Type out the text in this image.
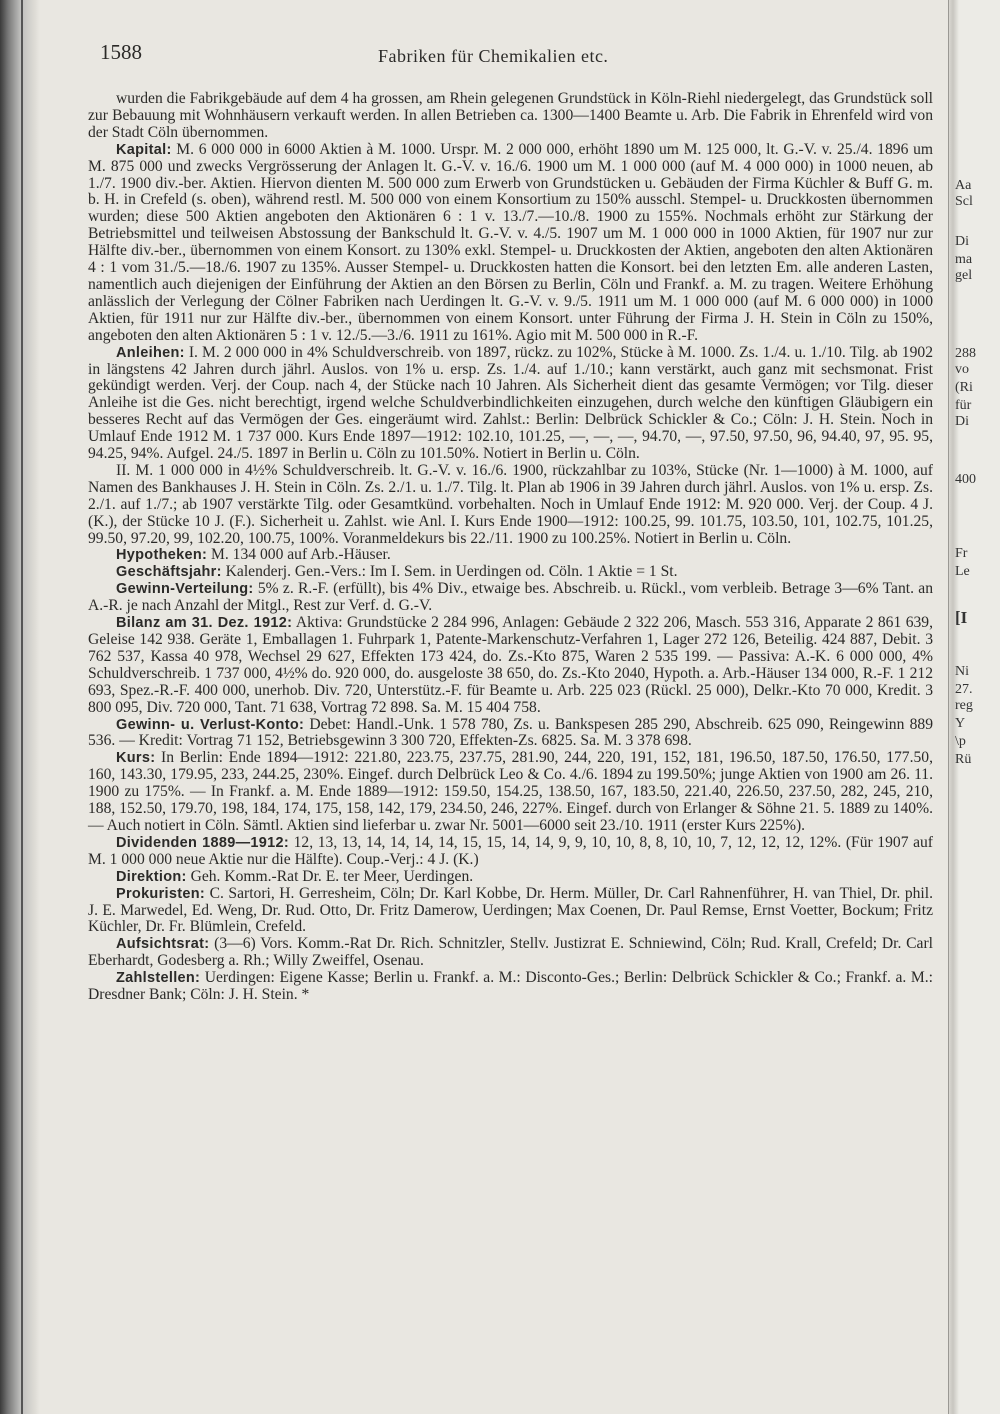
Aa
Scl
Di
ma
gel
288
vo
(Ri
für
Di
400
Fr
Le
[I
Ni
27.
reg
Y
\p
Rü
1588	Fabriken für Chemikalien etc.

wurden die Fabrikgebäude auf dem 4 ha grossen, am Rhein gelegenen Grundstück in Köln-Riehl niedergelegt, das Grundstück soll zur Bebauung mit Wohnhäusern verkauft werden. In allen Betrieben ca. 1300—1400 Beamte u. Arb. Die Fabrik in Ehrenfeld wird von der Stadt Cöln übernommen.

Kapital: M. 6 000 000 in 6000 Aktien à M. 1000. Urspr. M. 2 000 000, erhöht 1890 um M. 125 000, lt. G.-V. v. 25./4. 1896 um M. 875 000 und zwecks Vergrösserung der Anlagen lt. G.-V. v. 16./6. 1900 um M. 1 000 000 (auf M. 4 000 000) in 1000 neuen, ab 1./7. 1900 div.-ber. Aktien. Hiervon dienten M. 500 000 zum Erwerb von Grundstücken u. Gebäuden der Firma Küchler & Buff G. m. b. H. in Crefeld (s. oben), während restl. M. 500 000 von einem Konsortium zu 150% ausschl. Stempel- u. Druckkosten übernommen wurden; diese 500 Aktien angeboten den Aktionären 6 : 1 v. 13./7.—10./8. 1900 zu 155%. Nochmals erhöht zur Stärkung der Betriebsmittel und teilweisen Abstossung der Bankschuld lt. G.-V. v. 4./5. 1907 um M. 1 000 000 in 1000 Aktien, für 1907 nur zur Hälfte div.-ber., übernommen von einem Konsort. zu 130% exkl. Stempel- u. Druckkosten der Aktien, angeboten den alten Aktionären 4 : 1 vom 31./5.—18./6. 1907 zu 135%. Ausser Stempel- u. Druckkosten hatten die Konsort. bei den letzten Em. alle anderen Lasten, namentlich auch diejenigen der Einführung der Aktien an den Börsen zu Berlin, Cöln und Frankf. a. M. zu tragen. Weitere Erhöhung anlässlich der Verlegung der Cölner Fabriken nach Uerdingen lt. G.-V. v. 9./5. 1911 um M. 1 000 000 (auf M. 6 000 000) in 1000 Aktien, für 1911 nur zur Hälfte div.-ber., übernommen von einem Konsort. unter Führung der Firma J. H. Stein in Cöln zu 150%, angeboten den alten Aktionären 5 : 1 v. 12./5.—3./6. 1911 zu 161%. Agio mit M. 500 000 in R.-F.

Anleihen: I. M. 2 000 000 in 4% Schuldverschreib. von 1897, rückz. zu 102%, Stücke à M. 1000. Zs. 1./4. u. 1./10. Tilg. ab 1902 in längstens 42 Jahren durch jährl. Auslos. von 1% u. ersp. Zs. 1./4. auf 1./10.; kann verstärkt, auch ganz mit sechsmonat. Frist gekündigt werden. Verj. der Coup. nach 4, der Stücke nach 10 Jahren. Als Sicherheit dient das gesamte Vermögen; vor Tilg. dieser Anleihe ist die Ges. nicht berechtigt, irgend welche Schuldverbindlichkeiten einzugehen, durch welche den künftigen Gläubigern ein besseres Recht auf das Vermögen der Ges. eingeräumt wird. Zahlst.: Berlin: Delbrück Schickler & Co.; Cöln: J. H. Stein. Noch in Umlauf Ende 1912 M. 1 737 000. Kurs Ende 1897—1912: 102.10, 101.25, —, —, —, 94.70, —, 97.50, 97.50, 96, 94.40, 97, 95. 95, 94.25, 94%. Aufgel. 24./5. 1897 in Berlin u. Cöln zu 101.50%. Notiert in Berlin u. Cöln.

II. M. 1 000 000 in 4½% Schuldverschreib. lt. G.-V. v. 16./6. 1900, rückzahlbar zu 103%, Stücke (Nr. 1—1000) à M. 1000, auf Namen des Bankhauses J. H. Stein in Cöln. Zs. 2./1. u. 1./7. Tilg. lt. Plan ab 1906 in 39 Jahren durch jährl. Auslos. von 1% u. ersp. Zs. 2./1. auf 1./7.; ab 1907 verstärkte Tilg. oder Gesamtkünd. vorbehalten. Noch in Umlauf Ende 1912: M. 920 000. Verj. der Coup. 4 J. (K.), der Stücke 10 J. (F.). Sicherheit u. Zahlst. wie Anl. I. Kurs Ende 1900—1912: 100.25, 99. 101.75, 103.50, 101, 102.75, 101.25, 99.50, 97.20, 99, 102.20, 100.75, 100%. Voranmeldekurs bis 22./11. 1900 zu 100.25%. Notiert in Berlin u. Cöln.

Hypotheken: M. 134 000 auf Arb.-Häuser.

Geschäftsjahr: Kalenderj. Gen.-Vers.: Im I. Sem. in Uerdingen od. Cöln. 1 Aktie = 1 St.

Gewinn-Verteilung: 5% z. R.-F. (erfüllt), bis 4% Div., etwaige bes. Abschreib. u. Rückl., vom verbleib. Betrage 3—6% Tant. an A.-R. je nach Anzahl der Mitgl., Rest zur Verf. d. G.-V.

Bilanz am 31. Dez. 1912: Aktiva: Grundstücke 2 284 996, Anlagen: Gebäude 2 322 206, Masch. 553 316, Apparate 2 861 639, Geleise 142 938. Geräte 1, Emballagen 1. Fuhrpark 1, Patente-Markenschutz-Verfahren 1, Lager 272 126, Beteilig. 424 887, Debit. 3 762 537, Kassa 40 978, Wechsel 29 627, Effekten 173 424, do. Zs.-Kto 875, Waren 2 535 199. — Passiva: A.-K. 6 000 000, 4% Schuldverschreib. 1 737 000, 4½% do. 920 000, do. ausgeloste 38 650, do. Zs.-Kto 2040, Hypoth. a. Arb.-Häuser 134 000, R.-F. 1 212 693, Spez.-R.-F. 400 000, unerhob. Div. 720, Unterstütz.-F. für Beamte u. Arb. 225 023 (Rückl. 25 000), Delkr.-Kto 70 000, Kredit. 3 800 095, Div. 720 000, Tant. 71 638, Vortrag 72 898. Sa. M. 15 404 758.

Gewinn- u. Verlust-Konto: Debet: Handl.-Unk. 1 578 780, Zs. u. Bankspesen 285 290, Abschreib. 625 090, Reingewinn 889 536. — Kredit: Vortrag 71 152, Betriebsgewinn 3 300 720, Effekten-Zs. 6825. Sa. M. 3 378 698.

Kurs: In Berlin: Ende 1894—1912: 221.80, 223.75, 237.75, 281.90, 244, 220, 191, 152, 181, 196.50, 187.50, 176.50, 177.50, 160, 143.30, 179.95, 233, 244.25, 230%. Eingef. durch Delbrück Leo & Co. 4./6. 1894 zu 199.50%; junge Aktien von 1900 am 26. 11. 1900 zu 175%. — In Frankf. a. M. Ende 1889—1912: 159.50, 154.25, 138.50, 167, 183.50, 221.40, 226.50, 237.50, 282, 245, 210, 188, 152.50, 179.70, 198, 184, 174, 175, 158, 142, 179, 234.50, 246, 227%. Eingef. durch von Erlanger & Söhne 21. 5. 1889 zu 140%. — Auch notiert in Cöln. Sämtl. Aktien sind lieferbar u. zwar Nr. 5001—6000 seit 23./10. 1911 (erster Kurs 225%).

Dividenden 1889—1912: 12, 13, 13, 14, 14, 14, 14, 15, 15, 14, 14, 9, 9, 10, 10, 8, 8, 10, 10, 7, 12, 12, 12, 12%. (Für 1907 auf M. 1 000 000 neue Aktie nur die Hälfte). Coup.-Verj.: 4 J. (K.)

Direktion: Geh. Komm.-Rat Dr. E. ter Meer, Uerdingen.

Prokuristen: C. Sartori, H. Gerresheim, Cöln; Dr. Karl Kobbe, Dr. Herm. Müller, Dr. Carl Rahnenführer, H. van Thiel, Dr. phil. J. E. Marwedel, Ed. Weng, Dr. Rud. Otto, Dr. Fritz Damerow, Uerdingen; Max Coenen, Dr. Paul Remse, Ernst Voetter, Bockum; Fritz Küchler, Dr. Fr. Blümlein, Crefeld.

Aufsichtsrat: (3—6) Vors. Komm.-Rat Dr. Rich. Schnitzler, Stellv. Justizrat E. Schniewind, Cöln; Rud. Krall, Crefeld; Dr. Carl Eberhardt, Godesberg a. Rh.; Willy Zweiffel, Osenau.

Zahlstellen: Uerdingen: Eigene Kasse; Berlin u. Frankf. a. M.: Disconto-Ges.; Berlin: Delbrück Schickler & Co.; Frankf. a. M.: Dresdner Bank; Cöln: J. H. Stein. *
